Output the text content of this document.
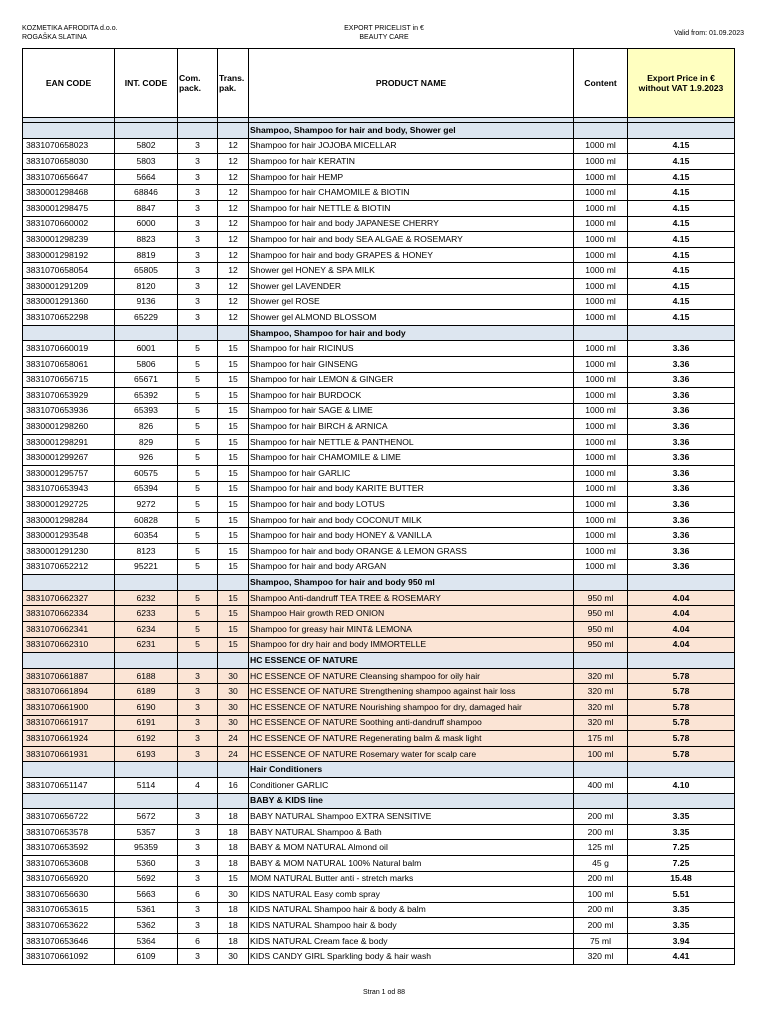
KOZMETIKA AFRODITA d.o.o.
ROGAŠKA SLATINA
EXPORT PRICELIST in €
BEAUTY CARE
Valid from: 01.09.2023
EAN CODE	INT. CODE	Com. pack.	Trans. pak.	PRODUCT NAME	Content	Export Price in € without VAT 1.9.2023

				Shampoo, Shampoo for hair and body, Shower gel		
3831070658023	5802	3	12	Shampoo for hair JOJOBA MICELLAR	1000 ml	4.15
3831070658030	5803	3	12	Shampoo for hair KERATIN	1000 ml	4.15
3831070656647	5664	3	12	Shampoo for hair HEMP	1000 ml	4.15
3830001298468	68846	3	12	Shampoo for hair CHAMOMILE & BIOTIN	1000 ml	4.15
3830001298475	8847	3	12	Shampoo for hair NETTLE & BIOTIN	1000 ml	4.15
3831070660002	6000	3	12	Shampoo for hair and body JAPANESE CHERRY	1000 ml	4.15
3830001298239	8823	3	12	Shampoo for hair and body SEA ALGAE & ROSEMARY	1000 ml	4.15
3830001298192	8819	3	12	Shampoo for hair and body GRAPES & HONEY	1000 ml	4.15
3831070658054	65805	3	12	Shower gel HONEY & SPA MILK	1000 ml	4.15
3830001291209	8120	3	12	Shower gel LAVENDER	1000 ml	4.15
3830001291360	9136	3	12	Shower gel ROSE	1000 ml	4.15
3831070652298	65229	3	12	Shower gel ALMOND BLOSSOM	1000 ml	4.15
				Shampoo, Shampoo for hair and body		
3831070660019	6001	5	15	Shampoo for hair RICINUS	1000 ml	3.36
3831070658061	5806	5	15	Shampoo for hair GINSENG	1000 ml	3.36
3831070656715	65671	5	15	Shampoo for hair LEMON & GINGER	1000 ml	3.36
3831070653929	65392	5	15	Shampoo for hair BURDOCK	1000 ml	3.36
3831070653936	65393	5	15	Shampoo for hair SAGE & LIME	1000 ml	3.36
3830001298260	826	5	15	Shampoo for hair BIRCH & ARNICA	1000 ml	3.36
3830001298291	829	5	15	Shampoo for hair NETTLE & PANTHENOL	1000 ml	3.36
3830001299267	926	5	15	Shampoo for hair CHAMOMILE & LIME	1000 ml	3.36
3830001295757	60575	5	15	Shampoo for hair GARLIC	1000 ml	3.36
3831070653943	65394	5	15	Shampoo for hair and body KARITE BUTTER	1000 ml	3.36
3830001292725	9272	5	15	Shampoo for hair and body LOTUS	1000 ml	3.36
3830001298284	60828	5	15	Shampoo for hair and body COCONUT MILK	1000 ml	3.36
3830001293548	60354	5	15	Shampoo for hair and body HONEY & VANILLA	1000 ml	3.36
3830001291230	8123	5	15	Shampoo for hair and body ORANGE & LEMON GRASS	1000 ml	3.36
3831070652212	95221	5	15	Shampoo for hair and body ARGAN	1000 ml	3.36
				Shampoo, Shampoo for hair and body 950 ml		
3831070662327	6232	5	15	Shampoo Anti-dandruff TEA TREE & ROSEMARY	950 ml	4.04
3831070662334	6233	5	15	Shampoo Hair growth RED ONION	950 ml	4.04
3831070662341	6234	5	15	Shampoo for greasy hair MINT& LEMONA	950 ml	4.04
3831070662310	6231	5	15	Shampoo for dry hair and body IMMORTELLE	950 ml	4.04
				HC ESSENCE OF NATURE		
3831070661887	6188	3	30	HC ESSENCE OF NATURE Cleansing shampoo for oily hair	320 ml	5.78
3831070661894	6189	3	30	HC ESSENCE OF NATURE Strengthening shampoo against hair loss	320 ml	5.78
3831070661900	6190	3	30	HC ESSENCE OF NATURE Nourishing shampoo for dry, damaged hair	320 ml	5.78
3831070661917	6191	3	30	HC ESSENCE OF NATURE Soothing anti-dandruff shampoo	320 ml	5.78
3831070661924	6192	3	24	HC ESSENCE OF NATURE Regenerating balm & mask light	175 ml	5.78
3831070661931	6193	3	24	HC ESSENCE OF NATURE Rosemary water for scalp care	100 ml	5.78
				Hair Conditioners		
3831070651147	5114	4	16	Conditioner GARLIC	400 ml	4.10
				BABY & KIDS line		
3831070656722	5672	3	18	BABY NATURAL Shampoo EXTRA SENSITIVE	200 ml	3.35
3831070653578	5357	3	18	BABY NATURAL Shampoo & Bath	200 ml	3.35
3831070653592	95359	3	18	BABY & MOM NATURAL Almond oil	125 ml	7.25
3831070653608	5360	3	18	BABY & MOM NATURAL 100% Natural balm	45 g	7.25
3831070656920	5692	3	15	MOM NATURAL Butter anti - stretch marks	200 ml	15.48
3831070656630	5663	6	30	KIDS NATURAL Easy comb spray	100 ml	5.51
3831070653615	5361	3	18	KIDS NATURAL Shampoo hair & body & balm	200 ml	3.35
3831070653622	5362	3	18	KIDS NATURAL Shampoo hair & body	200 ml	3.35
3831070653646	5364	6	18	KIDS NATURAL Cream face & body	75 ml	3.94
3831070661092	6109	3	30	KIDS CANDY GIRL Sparkling body & hair wash	320 ml	4.41
Stran 1 od 88
